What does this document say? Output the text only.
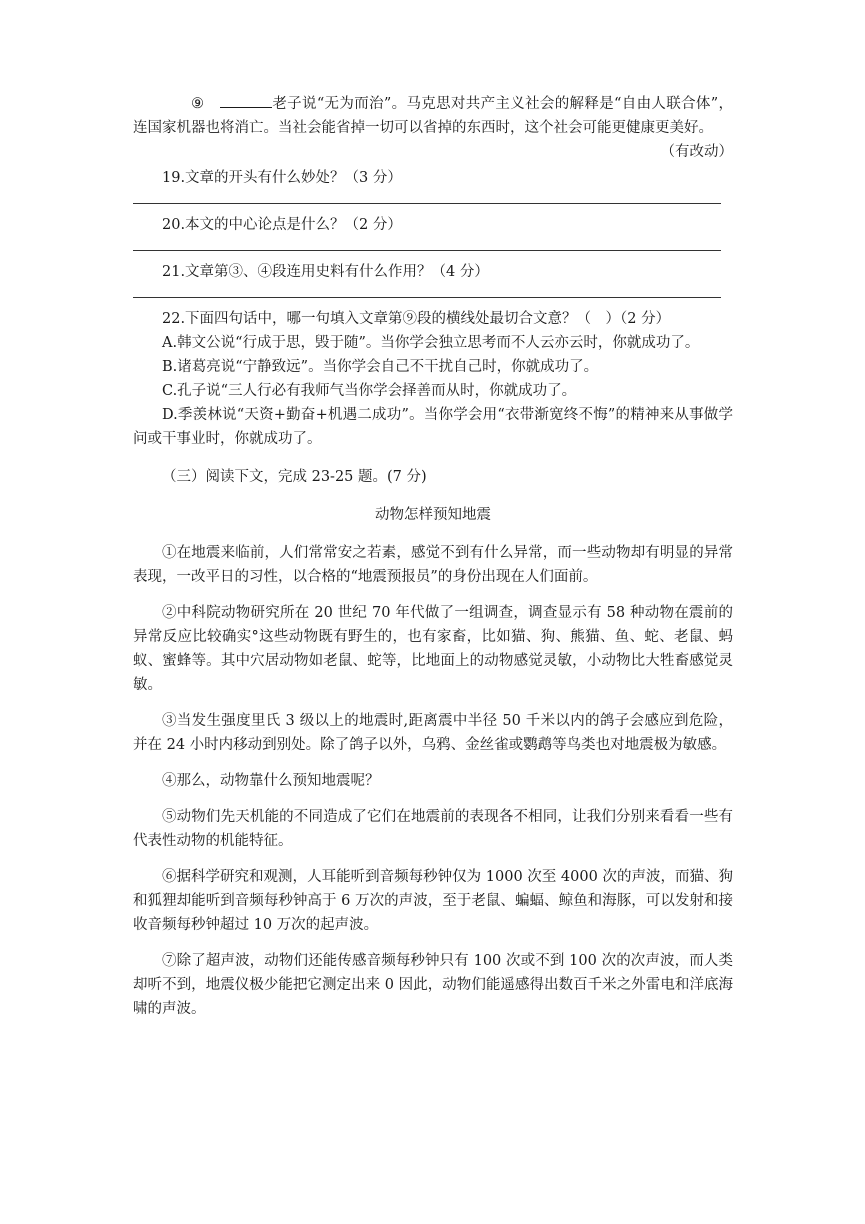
⑨	老子说“无为而治”。马克思对共产主义社会的解释是“自由人联合体”，连国家机器也将消亡。当社会能省掉一切可以省掉的东西时，这个社会可能更健康更美好。

（有改动）

19.文章的开头有什么妙处？（3 分）

20.本文的中心论点是什么？（2 分）

21.文章第③、④段连用史料有什么作用？（4 分）

22.下面四句话中，哪一句填入文章第⑨段的横线处最切合文意？（　）（2 分）

A.韩文公说“行成于思，毁于随”。当你学会独立思考而不人云亦云时，你就成功了。

B.诸葛亮说“宁静致远”。当你学会自己不干扰自己时，你就成功了。

C.孔子说“三人行必有我师气当你学会择善而从时，你就成功了。

D.季羡林说“天资+勤奋+机遇二成功”。当你学会用“衣带渐宽终不悔”的精神来从事做学问或干事业时，你就成功了。

（三）阅读下文，完成 23-25 题。(7 分)

动物怎样预知地震

①在地震来临前，人们常常安之若素，感觉不到有什么异常，而一些动物却有明显的异常表现，一改平日的习性，以合格的“地震预报员”的身份出现在人们面前。

②中科院动物研究所在 20 世纪 70 年代做了一组调查，调查显示有 58 种动物在震前的异常反应比较确实°这些动物既有野生的，也有家畜，比如猫、狗、熊猫、鱼、蛇、老鼠、蚂蚁、蜜蜂等。其中穴居动物如老鼠、蛇等，比地面上的动物感觉灵敏，小动物比大牲畜感觉灵敏。

③当发生强度里氏 3 级以上的地震时,距离震中半径 50 千米以内的鸽子会感应到危险，并在 24 小时内移动到别处。除了鸽子以外，乌鸦、金丝雀或鹦鹉等鸟类也对地震极为敏感。

④那么，动物靠什么预知地震呢？

⑤动物们先天机能的不同造成了它们在地震前的表现各不相同，让我们分别来看看一些有代表性动物的机能特征。

⑥据科学研究和观测，人耳能听到音频每秒钟仅为 1000 次至 4000 次的声波，而猫、狗和狐狸却能听到音频每秒钟高于 6 万次的声波，至于老鼠、蝙蝠、鲸鱼和海豚，可以发射和接收音频每秒钟超过 10 万次的起声波。

⑦除了超声波，动物们还能传感音频每秒钟只有 100 次或不到 100 次的次声波，而人类却听不到，地震仪极少能把它测定出来 0 因此，动物们能遥感得出数百千米之外雷电和洋底海啸的声波。
